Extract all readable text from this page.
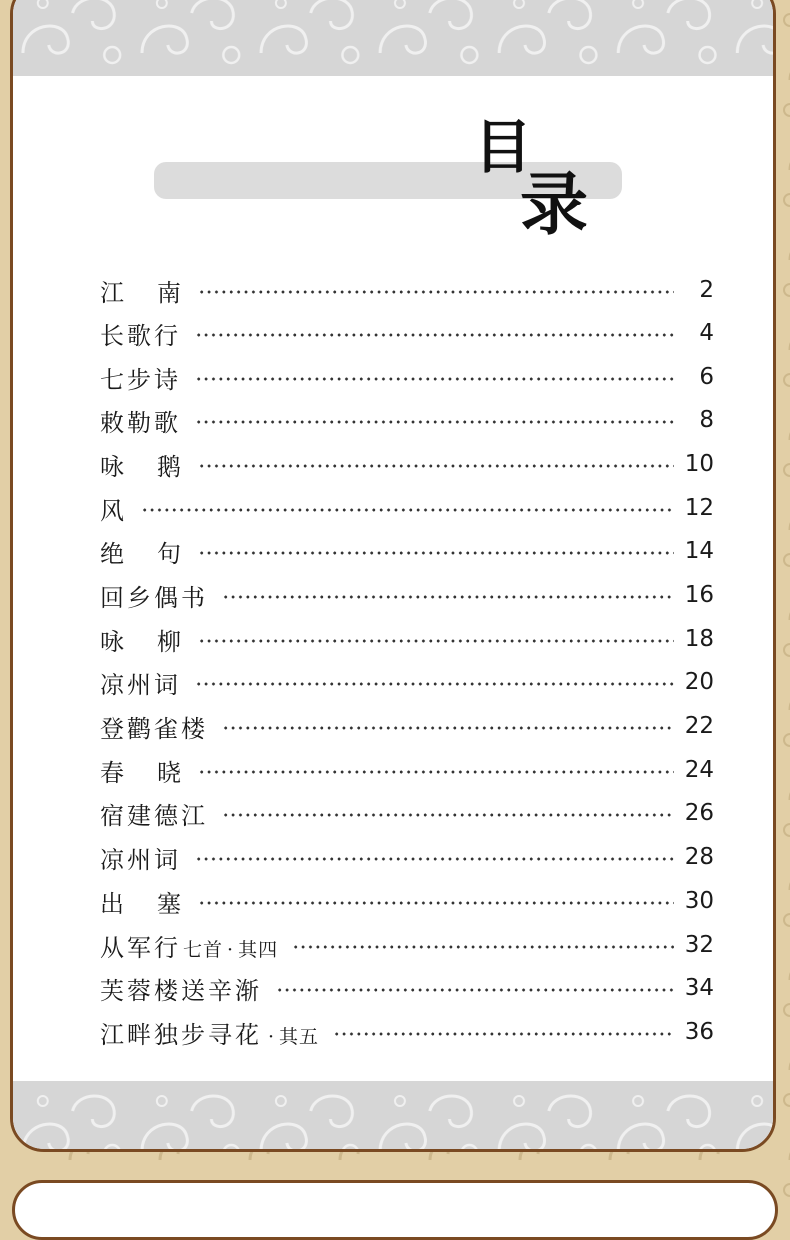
目
录
江 南	2
长歌行	4
七步诗	6
敕勒歌	8
咏 鹅	10
风	12
绝 句	14
回乡偶书	16
咏 柳	18
凉州词	20
登鹳雀楼	22
春 晓	24
宿建德江	26
凉州词	28
出 塞	30
从军行 七首 · 其四	32
芙蓉楼送辛渐	34
江畔独步寻花 · 其五	36
